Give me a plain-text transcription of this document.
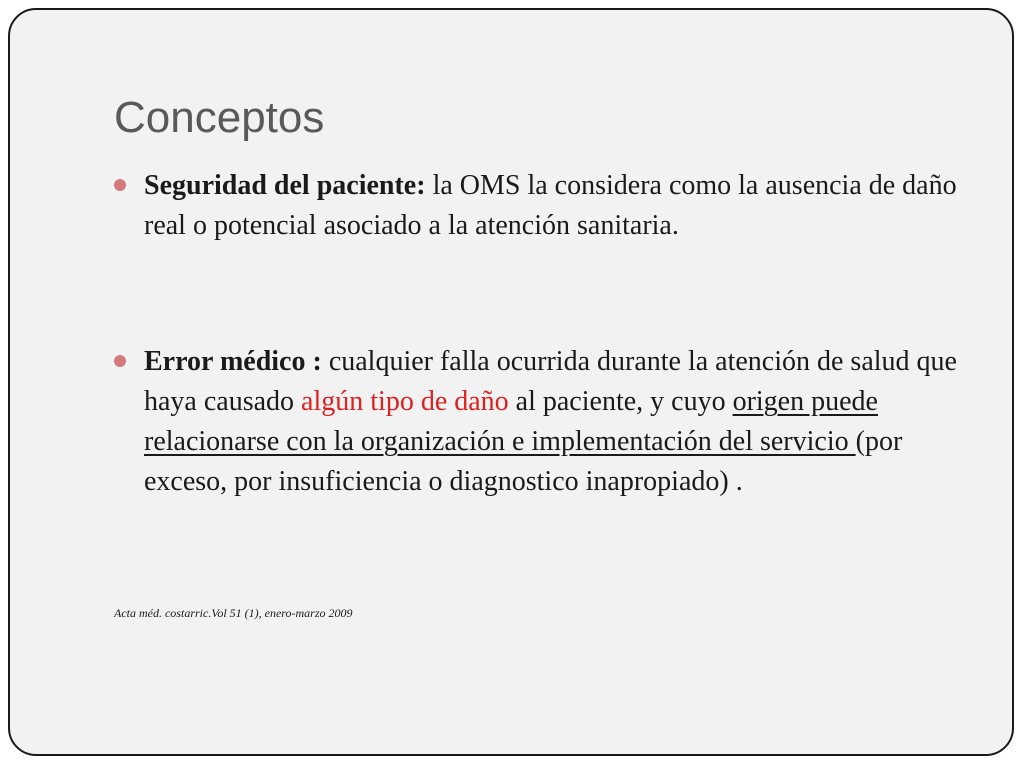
Conceptos
Seguridad del paciente: la OMS la considera como la ausencia de daño real o potencial asociado a la atención sanitaria.
Error médico : cualquier falla ocurrida durante la atención de salud que haya causado algún tipo de daño al paciente, y cuyo origen puede relacionarse con la organización e implementación del servicio (por exceso, por insuficiencia o diagnostico inapropiado) .
Acta méd. costarric.Vol 51 (1), enero-marzo 2009
